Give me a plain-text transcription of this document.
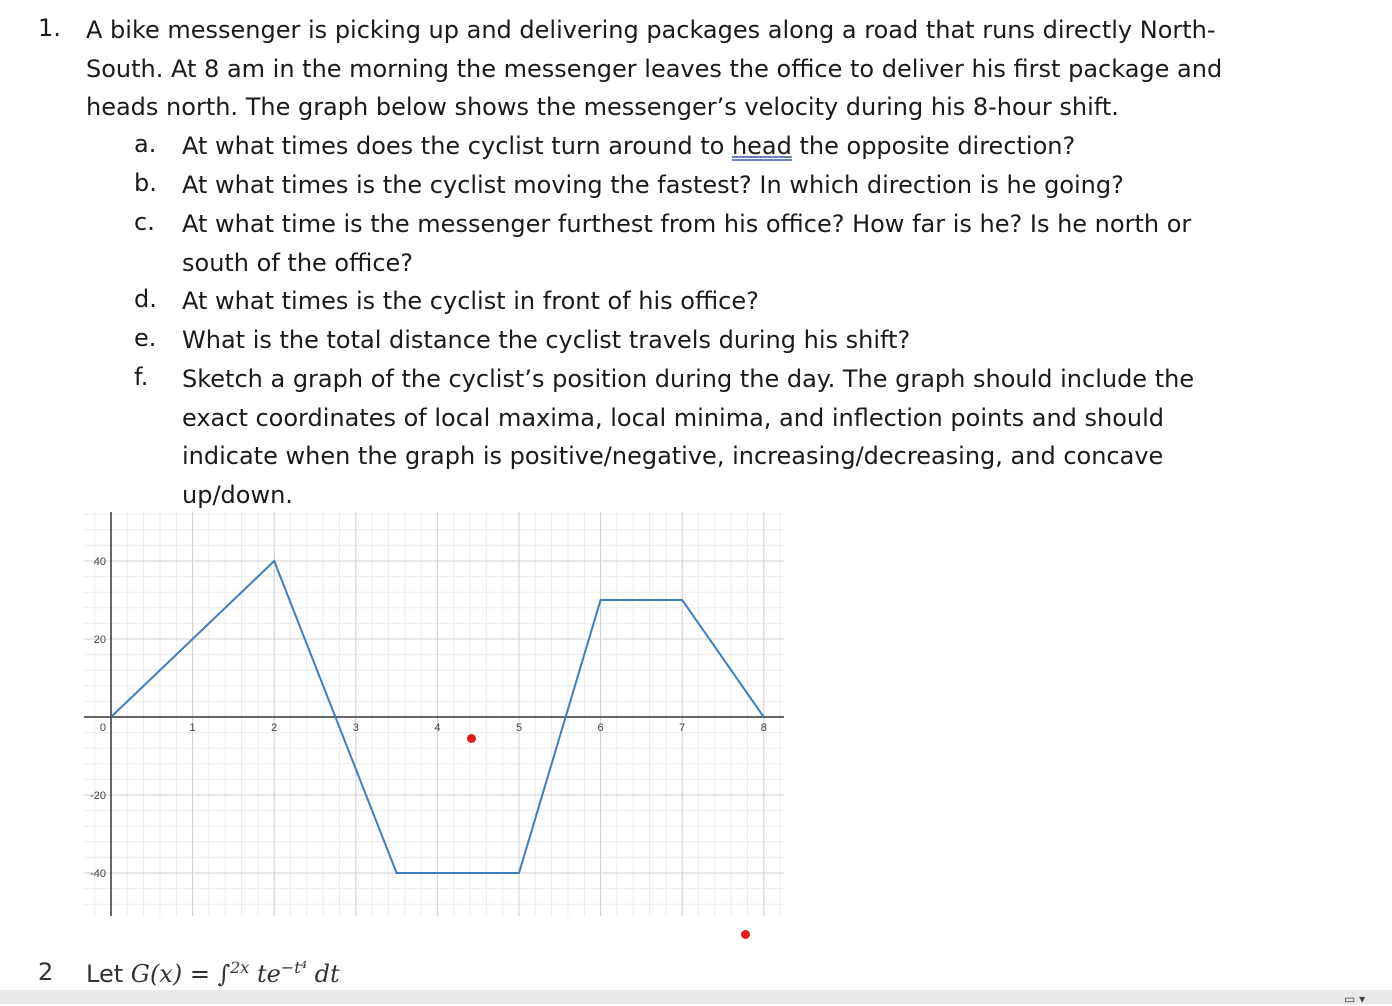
1. A bike messenger is picking up and delivering packages along a road that runs directly North-
South. At 8 am in the morning the messenger leaves the office to deliver his first package and
heads north. The graph below shows the messenger’s velocity during his 8-hour shift.
a. At what times does the cyclist turn around to head the opposite direction?
b. At what times is the cyclist moving the fastest? In which direction is he going?
c. At what time is the messenger furthest from his office? How far is he? Is he north or
south of the office?
d. At what times is the cyclist in front of his office?
e. What is the total distance the cyclist travels during his shift?
f. Sketch a graph of the cyclist’s position during the day. The graph should include the
exact coordinates of local maxima, local minima, and inflection points and should
indicate when the graph is positive/negative, increasing/decreasing, and concave
up/down.
1	2	3	4	5	6	7	8
40
20
0
-20
-40
2 Let G(x) = ∫$^{2x}$ $te^{-t^4}$ dt
▭ ▾
